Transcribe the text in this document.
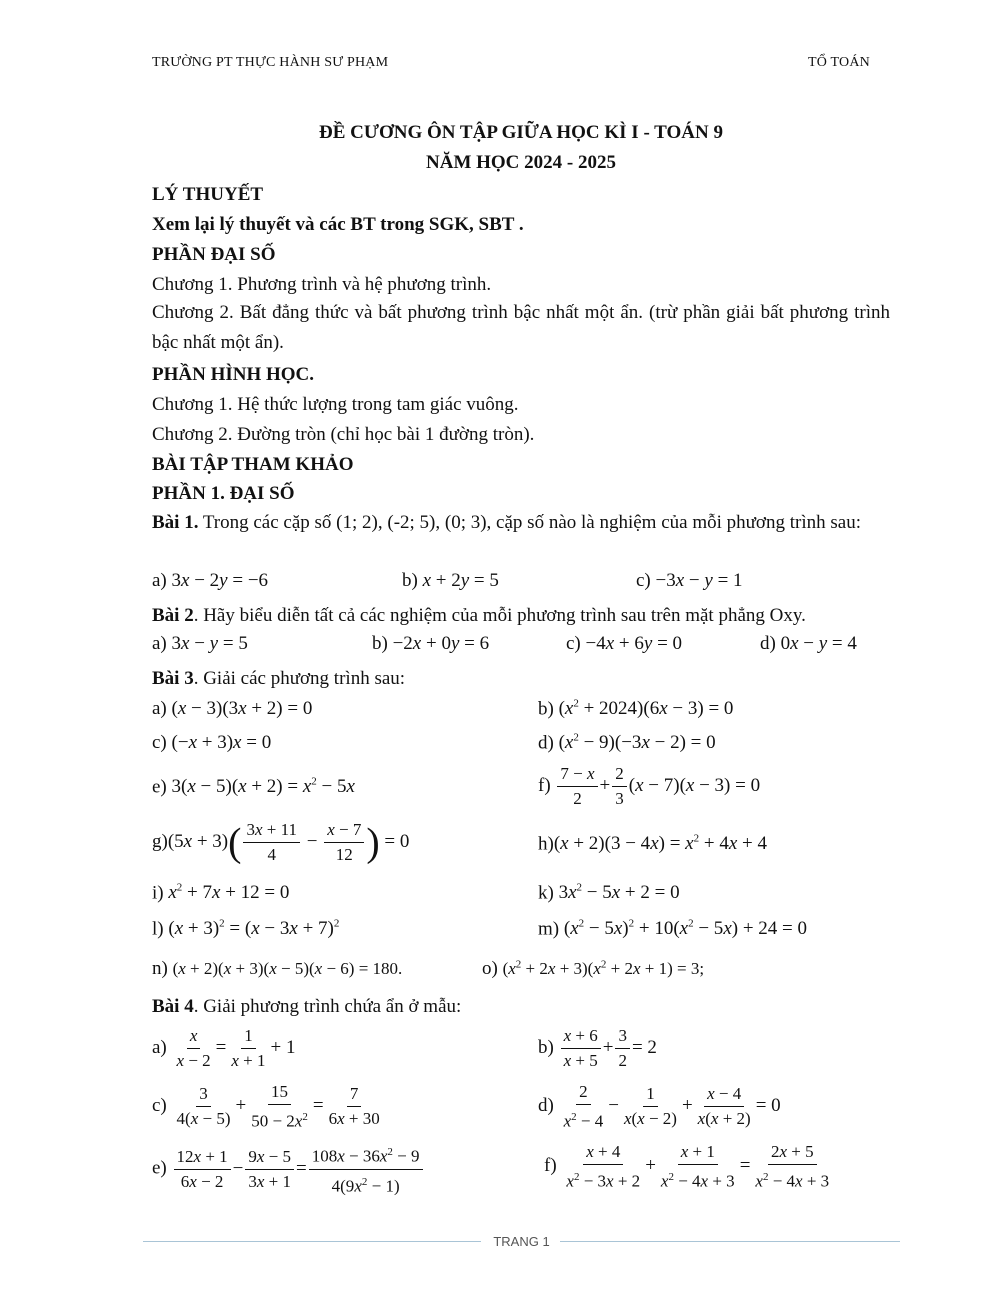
TRƯỜNG PT THỰC HÀNH SƯ PHẠM	TỔ TOÁN
ĐỀ CƯƠNG ÔN TẬP GIỮA HỌC KÌ I - TOÁN 9
NĂM HỌC 2024 - 2025
LÝ THUYẾT
Xem lại lý thuyết và các BT trong SGK, SBT .
PHẦN ĐẠI SỐ
Chương 1. Phương trình và hệ phương trình.
Chương 2. Bất đẳng thức và bất phương trình bậc nhất một ẩn. (trừ phần giải bất phương trình bậc nhất một ẩn).
PHẦN HÌNH HỌC.
Chương 1. Hệ thức lượng trong tam giác vuông.
Chương 2. Đường tròn (chỉ học bài 1 đường tròn).
BÀI TẬP THAM KHẢO
PHẦN 1. ĐẠI SỐ
Bài 1. Trong các cặp số (1; 2), (-2; 5), (0; 3), cặp số nào là nghiệm của mỗi phương trình sau:
a) 3x − 2y = −6	b) x + 2y = 5	c) −3x − y = 1
Bài 2. Hãy biểu diễn tất cả các nghiệm của mỗi phương trình sau trên mặt phẳng Oxy.
a) 3x − y = 5	b) −2x + 0y = 6	c) −4x + 6y = 0	d) 0x − y = 4
Bài 3. Giải các phương trình sau:
a) (x − 3)(3x + 2) = 0	b) $(x^2 + 2024)(6x - 3) = 0$
c) (−x + 3)x = 0	d) $(x^2 - 9)(-3x - 2) = 0$
e) $3(x - 5)(x + 2) = x^2 - 5x$	$f) \frac{7 - x}{2} + \frac{2}{3} (x - 7)(x - 3) = 0$
$g)(5x + 3)( \frac{3x + 11}{4} - \frac{x - 7}{12}$ ) = 0	$h)(x + 2)(3 - 4x) = x^2 + 4x + 4$
i) $x^2 + 7x + 12 = 0$	k) $3x^2 - 5x + 2 = 0$
l) $(x + 3)^2 = (x - 3x + 7)^2$	m) $(x^2 - 5x)^2 + 10(x^2 - 5x) + 24 = 0$
n) (x + 2)(x + 3)(x − 5)(x − 6) = 180.	o) $(x^2 + 2x + 3)(x^2 + 2x + 1) = 3$;
Bài 4. Giải phương trình chứa ẩn ở mẫu:
$a) \frac{x}{x - 2} = \frac{1}{x + 1} + 1$	$b) \frac{x + 6}{x + 5} + \frac{3}{2} = 2$
$c) \frac{3}{4(x - 5)} + \frac{15}{50 - 2x^2} = \frac{7}{6x + 30}$	$d) \frac{2}{x^2 - 4} - \frac{1}{x(x - 2)} + \frac{x - 4}{x(x + 2)} = 0$
$e) \frac{12x + 1}{6x - 2} - \frac{9x - 5}{3x + 1} = \frac{108x - 36x^2 - 9}{4(9x^2 - 1)}$	$f) \frac{x + 4}{x^2 - 3x + 2} + \frac{x + 1}{x^2 - 4x + 3} = \frac{2x + 5}{x^2 - 4x + 3}$
TRANG 1
